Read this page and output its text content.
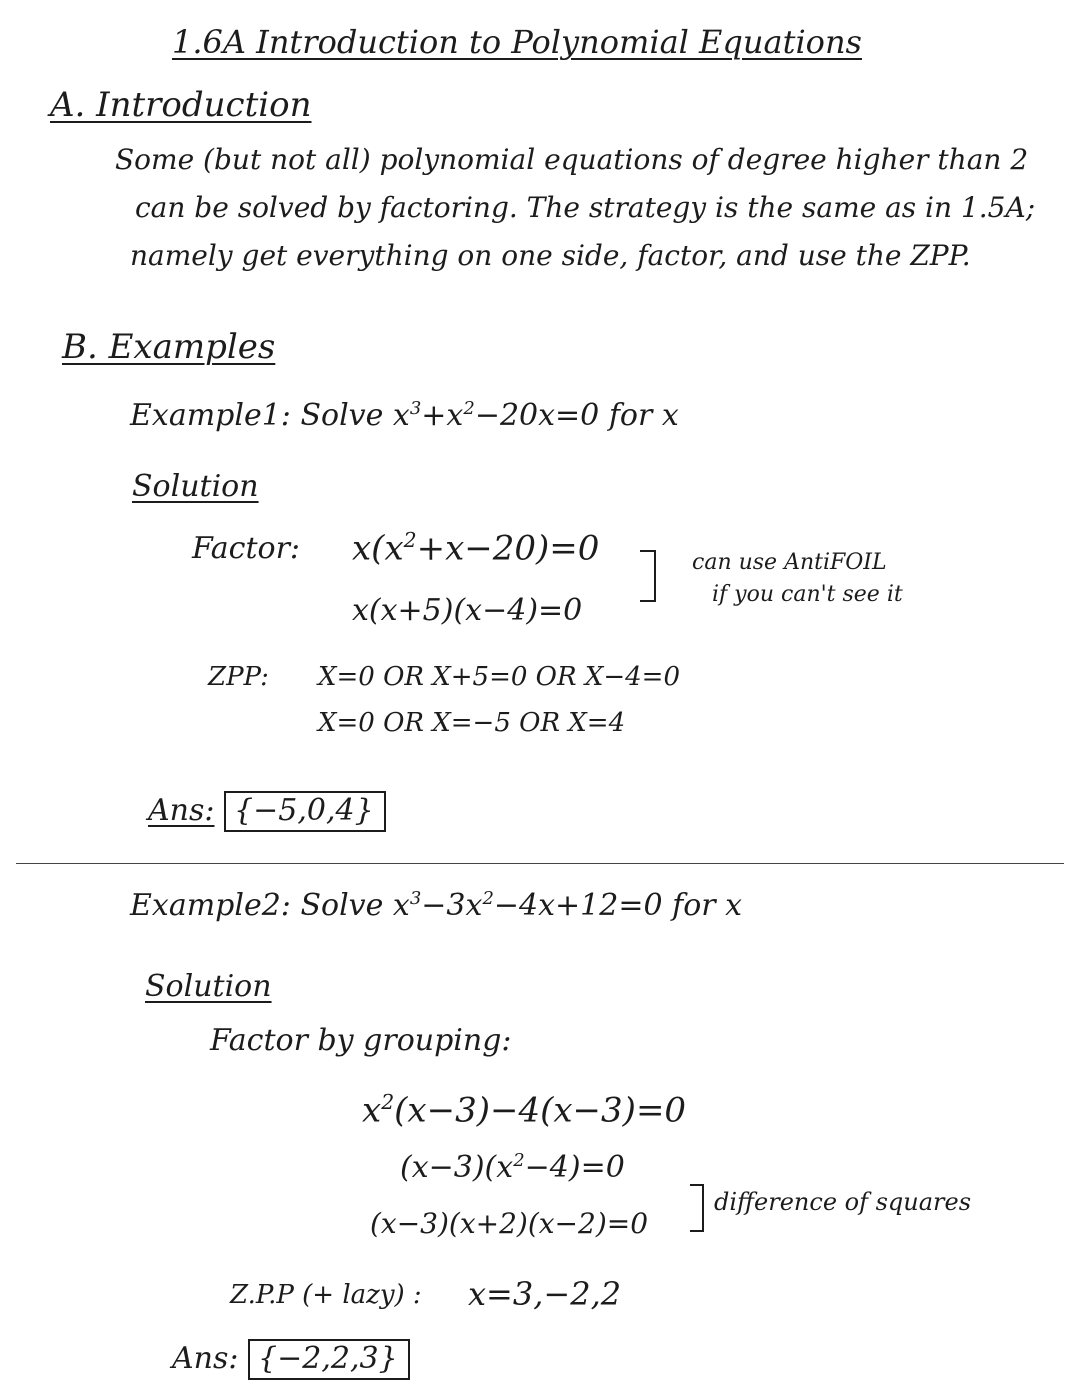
1.6A Introduction to Polynomial Equations
A. Introduction
Some (but not all) polynomial equations of degree higher than 2
can be solved by factoring. The strategy is the same as in 1.5A;
namely get everything on one side, factor, and use the ZPP.
B. Examples
Example1: Solve $x^3+x^2-20x=0$ for x
Solution
Factor: $x(x^2+x-20)=0$
x(x+5)(x−4)=0
can use AntiFOIL
if you can't see it
ZPP: X=0 OR X+5=0 OR X−4=0
X=0 OR X=−5 OR X=4
Ans: {−5,0,4}
Example2: Solve $x^3-3x^2-4x+12=0$ for x
Solution
Factor by grouping:
$x^2(x-3)-4(x-3)=0$
$(x-3)(x^2-4)=0$
(x−3)(x+2)(x−2)=0
difference of squares
Z.P.P (+ lazy) : x=3,−2,2
Ans: {−2,2,3}
